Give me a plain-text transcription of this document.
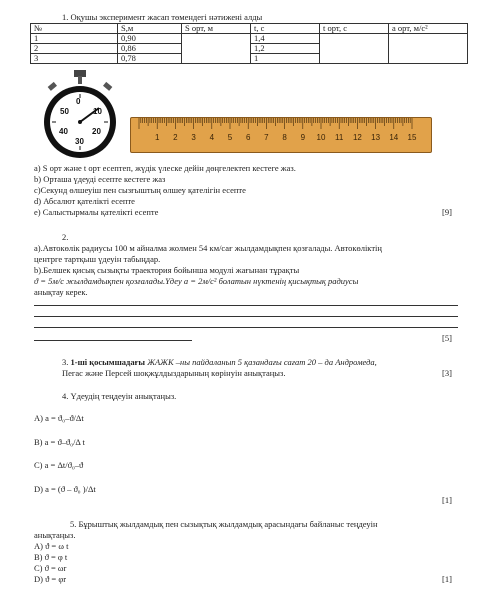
1. Оқушы эксперимент жасап төмендегі нәтижені алды
№	S,м	S орт, м	t, с	t орт, с	a орт, м/с²
1	0,90		1,4		
2	0,86		1,2		
3	0,78		1		
0
10
20
30
40
50
1 2 3 4 5 6 7 8 9 10 11 12 13 14 15
a) S орт және t орт есептеп, жүдік үлеске дейін дөңгелектеп кестеге жаз.
b) Орташа үдеуді есепте кестеге жаз
c)Секунд өлшеуіш пен сызғыштың өлшеу қателігін есепте
d) Абсалют қателікті есепте
e) Салыстырмалы қателікті есепте	[9]
2.
a).Автокөлік радиусы 100 м айналма жолмен 54 км/сағ жылдамдықпен қозғалады. Автокөліктің
центрге тартқыш үдеуін табыңдар.
b).Белшек қисық сызықты траектория бойынша модулі жағынан тұрақты
ϑ = 5м/с жылдамдықпен қозғалады.Үдеу a = 2м/c² болатын нүктенің қисықтық радиусы
анықтау керек.
[5]
3. 1-ші қосымшадағы ЖАЖК –ны пайдаланып 5 қазандағы сағат 20 – да Андромеда,
Пегас және Персей шоқжұлдыздарының көрінуін анықтаңыз.	[3]
4. Үдеудің теңдеуін анықтаңыз.
A) a = ϑ₀–ϑ/Δt
B) a = ϑ–ϑ₀/Δ t
C) a = Δt/ϑ₀–ϑ
D) a = (ϑ – ϑ₀ )/Δt
[1]
5. Бұрыштық жылдамдық пен сызықтық жылдамдық арасындағы байланыс теңдеуін
анықтаңыз.
A) ϑ = ω t
B) ϑ = φ t
C) ϑ = ωr
D) ϑ = φr	[1]
